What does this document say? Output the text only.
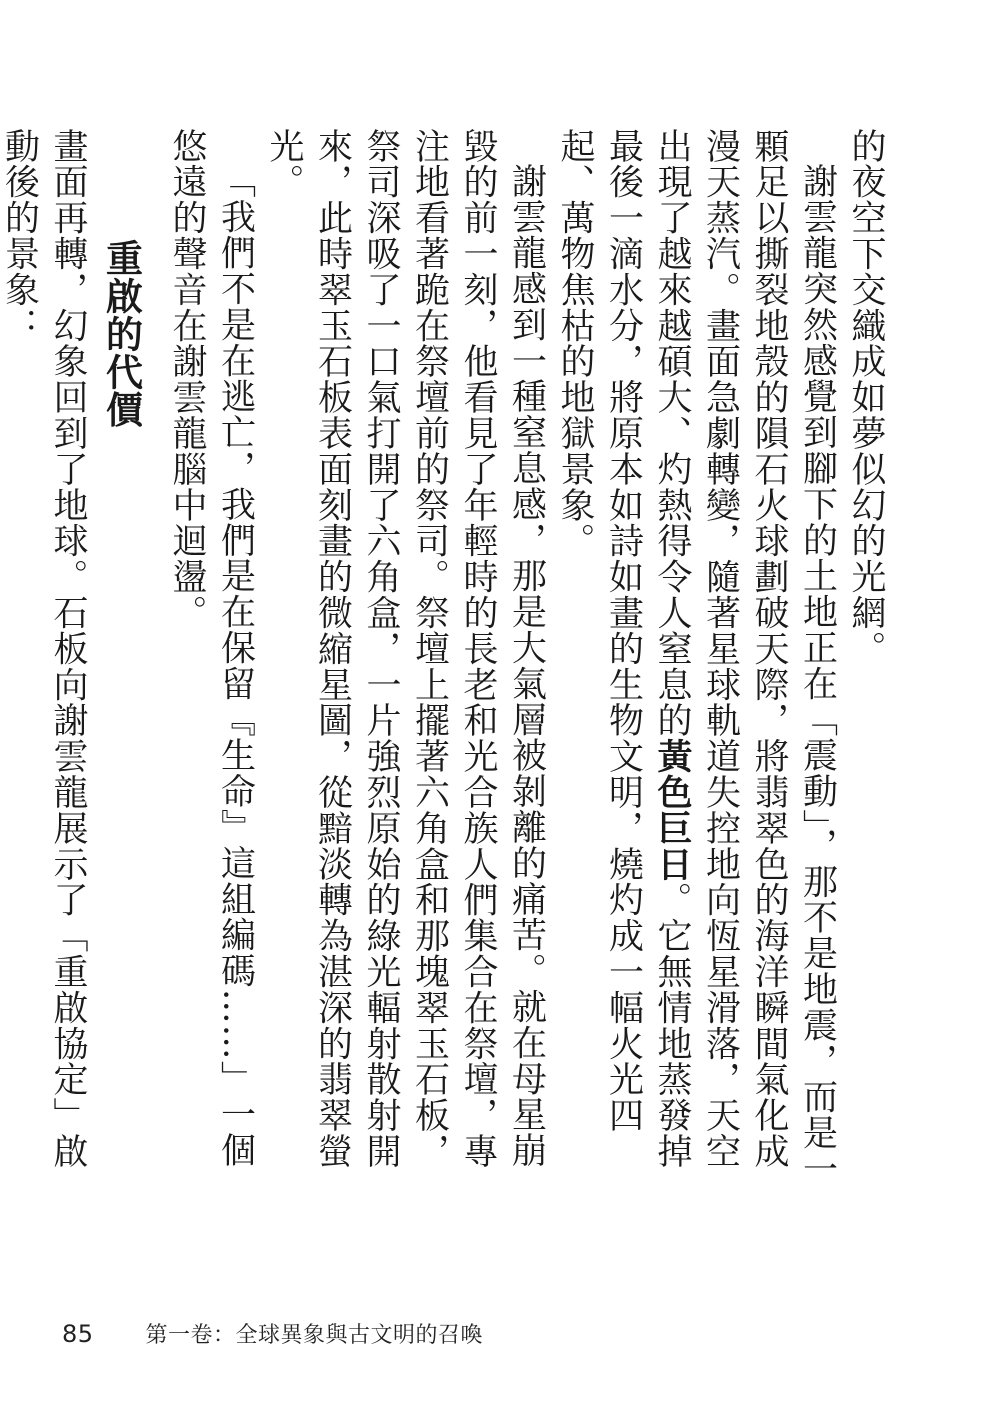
的夜空下交織成如夢似幻的光網。

謝雲龍突然感覺到腳下的土地正在「震動」，那不是地震，而是一顆足以撕裂地殼的隕石火球劃破天際，將翡翠色的海洋瞬間氣化成漫天蒸汽。畫面急劇轉變，隨著星球軌道失控地向恆星滑落，天空出現了越來越碩大、灼熱得令人窒息的黃色巨日。它無情地蒸發掉最後一滴水分，將原本如詩如畫的生物文明，燒灼成一幅火光四起、萬物焦枯的地獄景象。

謝雲龍感到一種窒息感，那是大氣層被剝離的痛苦。就在母星崩毀的前一刻，他看見了年輕時的長老和光合族人們集合在祭壇，專注地看著跪在祭壇前的祭司。祭壇上擺著六角盒和那塊翠玉石板，祭司深吸了一口氣打開了六角盒，一片強烈原始的綠光輻射散射開來，此時翠玉石板表面刻畫的微縮星圖，從黯淡轉為湛深的翡翠螢光。

「我們不是在逃亡，我們是在保留『生命』這組編碼……」一個悠遠的聲音在謝雲龍腦中迴盪。

重啟的代價

畫面再轉，幻象回到了地球。石板向謝雲龍展示了「重啟協定」啟動後的景象：

85 第一卷：全球異象與古文明的召喚
